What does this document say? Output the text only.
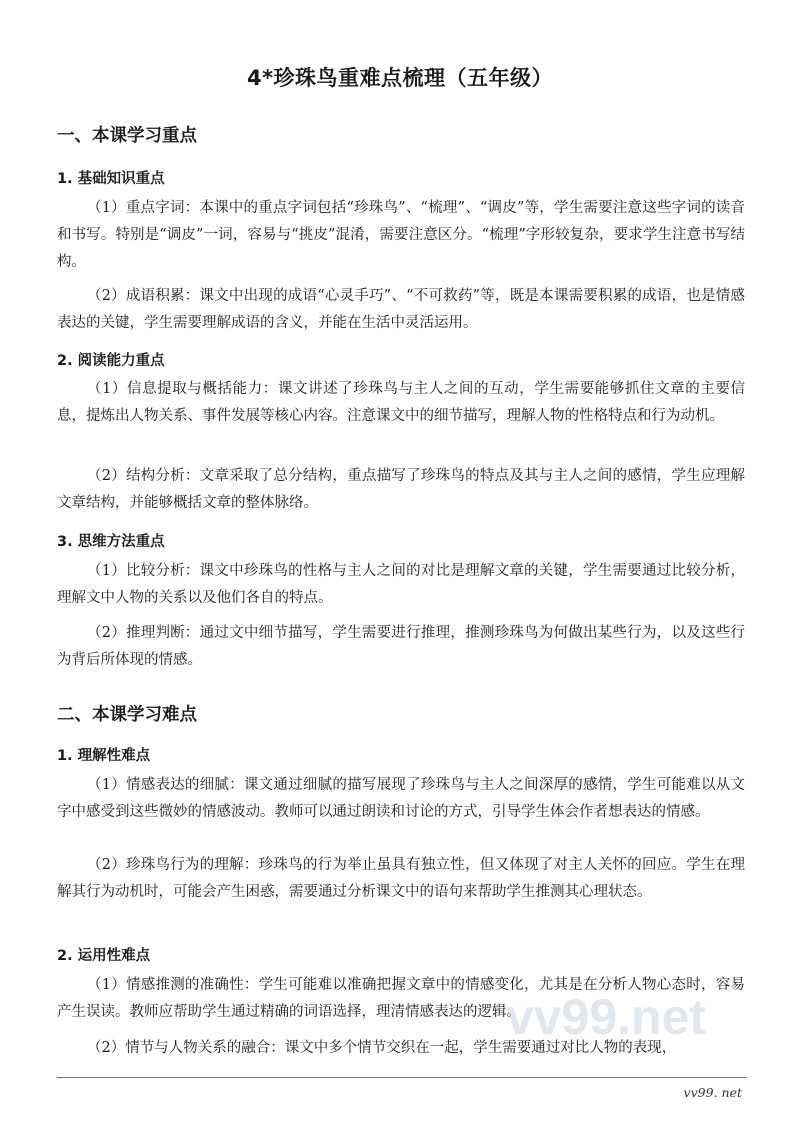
4*珍珠鸟重难点梳理（五年级）
一、本课学习重点
1. 基础知识重点

（1）重点字词：本课中的重点字词包括“珍珠鸟”、“梳理”、“调皮”等，学生需要注意这些字词的读音和书写。特别是“调皮”一词，容易与“挑皮”混淆，需要注意区分。“梳理”字形较复杂，要求学生注意书写结构。

（2）成语积累：课文中出现的成语“心灵手巧”、“不可救药”等，既是本课需要积累的成语，也是情感表达的关键，学生需要理解成语的含义，并能在生活中灵活运用。

2. 阅读能力重点

（1）信息提取与概括能力：课文讲述了珍珠鸟与主人之间的互动，学生需要能够抓住文章的主要信息，提炼出人物关系、事件发展等核心内容。注意课文中的细节描写，理解人物的性格特点和行为动机。

（2）结构分析：文章采取了总分结构，重点描写了珍珠鸟的特点及其与主人之间的感情，学生应理解文章结构，并能够概括文章的整体脉络。

3. 思维方法重点

（1）比较分析：课文中珍珠鸟的性格与主人之间的对比是理解文章的关键，学生需要通过比较分析，理解文中人物的关系以及他们各自的特点。

（2）推理判断：通过文中细节描写，学生需要进行推理，推测珍珠鸟为何做出某些行为，以及这些行为背后所体现的情感。

二、本课学习难点
1. 理解性难点

（1）情感表达的细腻：课文通过细腻的描写展现了珍珠鸟与主人之间深厚的感情，学生可能难以从文字中感受到这些微妙的情感波动。教师可以通过朗读和讨论的方式，引导学生体会作者想表达的情感。

（2）珍珠鸟行为的理解：珍珠鸟的行为举止虽具有独立性，但又体现了对主人关怀的回应。学生在理解其行为动机时，可能会产生困惑，需要通过分析课文中的语句来帮助学生推测其心理状态。

2. 运用性难点

（1）情感推测的准确性：学生可能难以准确把握文章中的情感变化，尤其是在分析人物心态时，容易产生误读。教师应帮助学生通过精确的词语选择，理清情感表达的逻辑。

（2）情节与人物关系的融合：课文中多个情节交织在一起，学生需要通过对比人物的表现，

vv99.net
vv99. net
